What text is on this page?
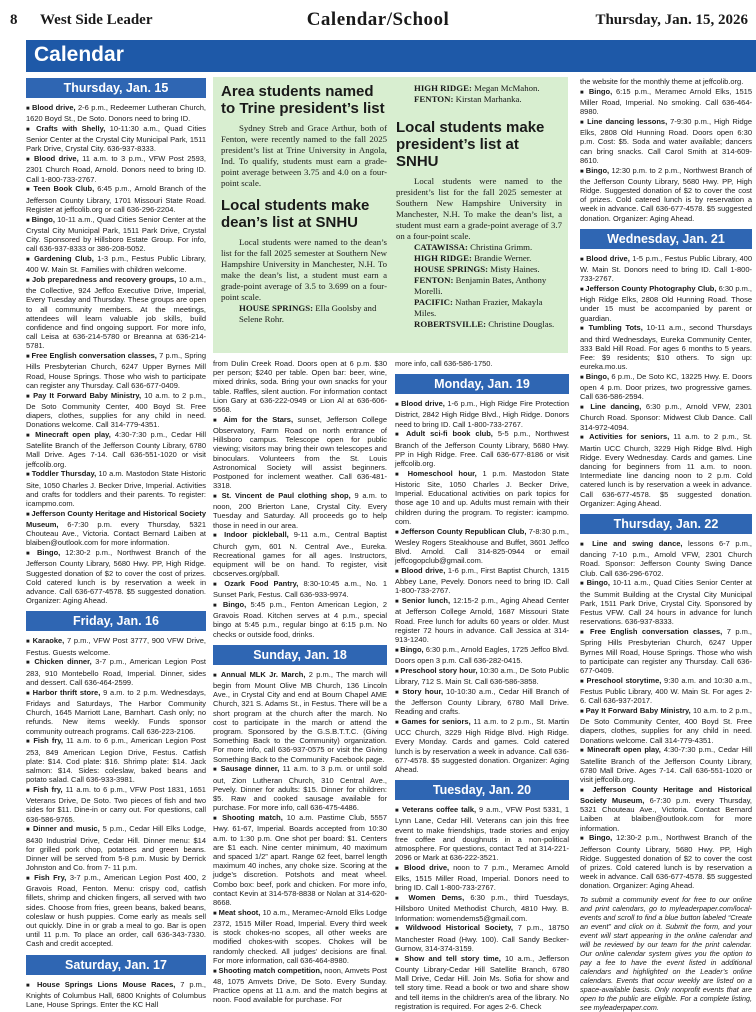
8 West Side Leader	Calendar/School	Thursday, Jan. 15, 2026
Calendar
Thursday, Jan. 15
■ Blood drive, 2-6 p.m., Redeemer Lutheran Church, 1620 Boyd St., De Soto. Donors need to bring ID.
■ Crafts with Shelly, 10-11:30 a.m., Quad Cities Senior Center at the Crystal City Municipal Park, 1511 Park Drive, Crystal City. 636-937-8333.
■ Blood drive, 11 a.m. to 3 p.m., VFW Post 2593, 2301 Church Road, Arnold. Donors need to bring ID. Call 1-800-733-2767.
■ Teen Book Club, 6:45 p.m., Arnold Branch of the Jefferson County Library, 1701 Missouri State Road. Register at jeffcolib.org or call 636-296-2204.
■ Bingo, 10-11 a.m., Quad Cities Senior Center at the Crystal City Municipal Park, 1511 Park Drive, Crystal City. Sponsored by Hillsboro Estate Group. For info, call 636-937-8333 or 386-208-5052.
■ Gardening Club, 1-3 p.m., Festus Public Library, 400 W. Main St. Families with children welcome.
■ Job preparedness and recovery groups, 10 a.m., the Collective, 924 Jeffco Executive Drive, Imperial, Every Tuesday and Thursday. These groups are open to all community members. At the meetings, attendees will learn valuable job skills, build confidence and find ongoing support. For more info, call Leisa at 636-214-5780 or Breanna at 636-214-5781.
■ Free English conversation classes, 7 p.m., Spring Hills Presbyterian Church, 6247 Upper Byrnes Mill Road, House Springs. Those who wish to participate can register any Thursday. Call 636-677-0409.
■ Pay It Forward Baby Ministry, 10 a.m. to 2 p.m., De Soto Community Center, 400 Boyd St. Free diapers, clothes, supplies for any child in need. Donations welcome. Call 314-779-4351.
■ Minecraft open play, 4:30-7:30 p.m., Cedar Hill Satellite Branch of the Jefferson County Library, 6780 Mall Drive. Ages 7-14. Call 636-551-1020 or visit jeffcolib.org.
■ Toddler Thursday, 10 a.m. Mastodon State Historic Site, 1050 Charles J. Becker Drive, Imperial. Activities and crafts for toddlers and their parents. To register: icampmo.com.
■ Jefferson County Heritage and Historical Society Museum, 6-7:30 p.m. every Thursday, 5321 Chouteau Ave., Victoria. Contact Bernard Laiben at blaiben@outlook.com for more information.
■ Bingo, 12:30-2 p.m., Northwest Branch of the Jefferson County Library, 5680 Hwy. PP, High Ridge. Suggested donation of $2 to cover the cost of prizes. Cold catered lunch is by reservation a week in advance. Call 636-677-4578. $5 suggested donation. Organizer: Aging Ahead.
Friday, Jan. 16
■ Karaoke, 7 p.m., VFW Post 3777, 900 VFW Drive, Festus. Guests welcome.
■ Chicken dinner, 3-7 p.m., American Legion Post 283, 910 Montebello Road, Imperial. Dinner, sides and dessert. Call 636-464-2599.
■ Harbor thrift store, 9 a.m. to 2 p.m. Wednesdays, Fridays and Saturdays, The Harbor Community Church, 1645 Marriott Lane, Barnhart. Cash only; no refunds. New items weekly. Funds sponsor community outreach programs. Call 636-223-2106.
■ Fish fry, 11 a.m. to 6 p.m., American Legion Post 253, 849 American Legion Drive, Festus. Catfish plate: $14. Cod plate: $16. Shrimp plate: $14. Jack salmon: $14. Sides: coleslaw, baked beans and potato salad. Call 636-933-3981.
■ Fish fry, 11 a.m. to 6 p.m., VFW Post 1831, 1651 Veterans Drive, De Soto. Two pieces of fish and two sides for $11. Dine-in or carry out. For questions, call 636-586-9765.
■ Dinner and music, 5 p.m., Cedar Hill Elks Lodge, 8430 Industrial Drive, Cedar Hill. Dinner menu: $14 for grilled pork chop, potatoes and green beans. Dinner will be served from 5-8 p.m. Music by Derrick Johnston and Co. from 7- 11 p.m.
■ Fish Fry, 3-7 p.m., American Legion Post 400, 2 Gravois Road, Fenton. Menu: crispy cod, catfish fillets, shrimp and chicken fingers, all served with two sides. Choose from fries, green beans, baked beans, coleslaw or hush puppies. Come early as meals sell out quickly. Dine in or grab a meal to go. Bar is open until 11 p.m. To place an order, call 636-343-7330. Cash and credit accepted.
Saturday, Jan. 17
■ House Springs Lions Mouse Races, 7 p.m., Knights of Columbus Hall, 6800 Knights of Columbus Lane, House Springs. Enter the KC Hall
Area students named to Trine president’s list

Sydney Streb and Grace Arthur, both of Fenton, were recently named to the fall 2025 president’s list at Trine University in Angola, Ind. To qualify, students must earn a grade-point average between 3.75 and 4.0 on a four-point scale.

Local students make dean’s list at SNHU

Local students were named to the dean’s list for the fall 2025 semester at Southern New Hampshire University in Manchester, N.H. To make the dean’s list, a student must earn a grade-point average of 3.5 to 3.699 on a four-point scale.

HOUSE SPRINGS: Ella Goolsby and Selene Rohr.

HIGH RIDGE: Megan McMahon.

FENTON: Kirstan Marhanka.

Local students make president’s list at SNHU

Local students were named to the president’s list for the fall 2025 semester at Southern New Hampshire University in Manchester, N.H. To make the dean’s list, a student must earn a grade-point average of 3.7 on a four-point scale.

CATAWISSA: Christina Grimm.

HIGH RIDGE: Brandie Werner.

HOUSE SPRINGS: Misty Haines.

FENTON: Benjamin Bates, Anthony Morelli.

PACIFIC: Nathan Frazier, Makayla Miles.

ROBERTSVILLE: Christine Douglas.

from Dulin Creek Road. Doors open at 6 p.m. $30 per person; $240 per table. Open bar: beer, wine, mixed drinks, soda. Bring your own snacks for your table. Raffles, silent auction. For information contact Lion Gary at 636-222-0949 or Lion Al at 636-606-5568.
■ Aim for the Stars, sunset, Jefferson College Observatory, Farm Road on north entrance of Hillsboro campus. Telescope open for public viewing; visitors may bring their own telescopes and binoculars. Volunteers from the St. Louis Astronomical Society will assist beginners. Postponed for inclement weather. Call 636-481-3318.
■ St. Vincent de Paul clothing shop, 9 a.m. to noon, 200 Brierton Lane, Crystal City. Every Tuesday and Saturday. All proceeds go to help those in need in our area.
■ Indoor pickleball, 9-11 a.m., Central Baptist Church gym, 601 N. Central Ave., Eureka. Recreational games for all ages. Instructors, equipment will be on hand. To register, visit cbcserves.org/pball.
■ Ozark Food Pantry, 8:30-10:45 a.m., No. 1 Sunset Park, Festus. Call 636-933-9974.
■ Bingo, 5:45 p.m., Fenton American Legion, 2 Gravois Road. Kitchen serves at 4 p.m., special bingo at 5:45 p.m., regular bingo at 6:15 p.m. No checks or outside food, drinks.
Sunday, Jan. 18
■ Annual MLK Jr. March, 2 p.m., The march will begin from Mount Olive MB Church, 136 Lincoln Ave., in Crystal City and end at Bourn Chapel AME Church, 321 S. Adams St., in Festus. There will be a short program at the church after the march. No cost to participate in the march or attend the program. Sponsored by the G.S.B.T.T.C. (Giving Something Back to the Community) organization. For more info, call 636-937-0575 or visit the Giving Something Back to the Community Facebook page.
■ Sausage dinner, 11 a.m. to 3 p.m. or until sold out, Zion Lutheran Church, 310 Central Ave., Pevely. Dinner for adults: $15. Dinner for children: $5. Raw and cooked sausage available for purchase. For more info, call 636-475-4486.
■ Shooting match, 10 a.m. Pastime Club, 5557 Hwy. 61-67, Imperial. Boards accepted from 10:30 a.m. to 1:30 p.m. One shot per board: $1. Centers are $1 each. Nine center minimum, 40 maximum and spaced 1/2” apart. Range 62 feet, barrel length maximum 40 inches, any choke size. Scoring at the judge’s discretion. Potshots and meat wheel. Combo box: beef, pork and chicken. For more info, contact Kevin at 314-578-8838 or Nolan at 314-620-8668.
■ Meat shoot, 10 a.m., Meramec-Arnold Elks Lodge 2372, 1515 Miller Road, Imperial. Every third week is stock chokes-no scopes, all other weeks are modified chokes-with scopes. Chokes will be randomly checked. All judges’ decisions are final. For more information, call 636-464-8980.
■ Shooting match competition, noon, Amvets Post 48, 1075 Amvets Drive, De Soto. Every Sunday. Practice opens at 11 a.m. and the match begins at noon. Food available for purchase. For
more info, call 636-586-1750.
Monday, Jan. 19
■ Blood drive, 1-6 p.m., High Ridge Fire Protection District, 2842 High Ridge Blvd., High Ridge. Donors need to bring ID. Call 1-800-733-2767.
■ Adult sci-fi book club, 5-5 p.m., Northwest Branch of the Jefferson County Library, 5680 Hwy. PP in High Ridge. Free. Call 636-677-8186 or visit jeffcolib.org.
■ Homeschool hour, 1 p.m. Mastodon State Historic Site, 1050 Charles J. Becker Drive, Imperial. Educational activities on park topics for those age 10 and up. Adults must remain with their children during the program. To register: icampmo. com.
■ Jefferson County Republican Club, 7-8:30 p.m., Wesley Rogers Steakhouse and Buffet, 3601 Jeffco Blvd. Arnold. Call 314-825-0944 or email jeffcogopclub@gmail.com.
■ Blood drive, 1-6 p.m., First Baptist Church, 1315 Abbey Lane, Pevely. Donors need to bring ID. Call 1-800-733-2767.
■ Senior lunch, 12:15-2 p.m., Aging Ahead Center at Jefferson College Arnold, 1687 Missouri State Road. Free lunch for adults 60 years or older. Must register 72 hours in advance. Call Jessica at 314-913-1240.
■ Bingo, 6:30 p.m., Arnold Eagles, 1725 Jeffco Blvd. Doors open 3 p.m. Call 636-282-0415.
■ Preschool story hour, 10:30 a.m., De Soto Public Library, 712 S. Main St. Call 636-586-3858.
■ Story hour, 10-10:30 a.m., Cedar Hill Branch of the Jefferson County Library, 6780 Mall Drive. Reading and crafts.
■ Games for seniors, 11 a.m. to 2 p.m., St. Martin UCC Church, 3229 High Ridge Blvd. High Ridge. Every Monday. Cards and games. Cold catered lunch is by reservation a week in advance. Call 636-677-4578. $5 suggested donation. Organizer: Aging Ahead.
Tuesday, Jan. 20
■ Veterans coffee talk, 9 a.m., VFW Post 5331, 1 Lynn Lane, Cedar Hill. Veterans can join this free event to make friendships, trade stories and enjoy free coffee and doughnuts in a non-political atmosphere. For questions, contact Ted at 314-221-2096 or Mark at 636-222-3521.
■ Blood drive, noon to 7 p.m., Meramec Arnold Elks, 1515 Miller Road, Imperial. Donors need to bring ID. Call 1-800-733-2767.
■ Women Dems, 6:30 p.m., third Tuesdays, Hillsboro United Methodist Church, 4810 Hwy. B. Information: womendems5@gmail.com.
■ Wildwood Historical Society, 7 p.m., 18750 Manchester Road (Hwy. 100). Call Sandy Becker-Gurnow, 314-374-3159.
■ Show and tell story time, 10 a.m., Jefferson County Library-Cedar Hill Satellite Branch, 6780 Mall Drive, Cedar Hill. Join Ms. Sofia for show and tell story time. Read a book or two and share show and tell items in the children’s area of the library. No registration is required. For ages 2-6. Check
the website for the monthly theme at jeffcolib.org.
■ Bingo, 6:15 p.m., Meramec Arnold Elks, 1515 Miller Road, Imperial. No smoking. Call 636-464-8980.
■ Line dancing lessons, 7-9:30 p.m., High Ridge Elks, 2808 Old Hunning Road. Doors open 6:30 p.m. Cost: $5. Soda and water available; dancers can bring snacks. Call Carol Smith at 314-609-8610.
■ Bingo, 12:30 p.m. to 2 p.m., Northwest Branch of the Jefferson County Library, 5680 Hwy. PP, High Ridge. Suggested donation of $2 to cover the cost of prizes. Cold catered lunch is by reservation a week in advance. Call 636-677-4578. $5 suggested donation. Organizer: Aging Ahead.
Wednesday, Jan. 21
■ Blood drive, 1-5 p.m., Festus Public Library, 400 W. Main St. Donors need to bring ID. Call 1-800-733-2767.
■ Jefferson County Photography Club, 6:30 p.m., High Ridge Elks, 2808 Old Hunning Road. Those under 15 must be accompanied by parent or guardian.
■ Tumbling Tots, 10-11 a.m., second Thursdays and third Wednesdays, Eureka Community Center, 333 Bald Hill Road. For ages 6 months to 5 years. Fee: $9 residents; $10 others. To sign up: eureka.mo.us.
■ Bingo, 6 p.m., De Soto KC, 13225 Hwy. E. Doors open 4 p.m. Door prizes, two progressive games. Call 636-586-2594.
■ Line dancing, 6:30 p.m., Arnold VFW, 2301 Church Road. Sponsor: Midwest Club Dance. Call 314-972-4094.
■ Activities for seniors, 11 a.m. to 2 p.m., St. Martin UCC Church, 3229 High Ridge Blvd. High Ridge. Every Wednesday. Cards and games. Line dancing for beginners from 11 a.m. to noon. Intermediate line dancing noon to 2 p.m. Cold catered lunch is by reservation a week in advance. Call 636-677-4578. $5 suggested donation. Organizer: Aging Ahead.
Thursday, Jan. 22
■ Line and swing dance, lessons 6-7 p.m., dancing 7-10 p.m., Arnold VFW, 2301 Church Road. Sponsor: Jefferson County Swing Dance Club. Call 636-296-6702.
■ Bingo, 10-11 a.m., Quad Cities Senior Center at the Summit Building at the Crystal City Municipal Park, 1511 Park Drive, Crystal City. Sponsored by Festus VFW. Call 24 hours in advance for lunch reservations. 636-937-8333.
■ Free English conversation classes, 7 p.m., Spring Hills Presbyterian Church, 6247 Upper Byrnes Mill Road, House Springs. Those who wish to participate can register any Thursday. Call 636-677-0409.
■ Preschool storytime, 9:30 a.m. and 10:30 a.m., Festus Public Library, 400 W. Main St. For ages 2-6. Call 636-937-2017.
■ Pay It Forward Baby Ministry, 10 a.m. to 2 p.m., De Soto Community Center, 400 Boyd St. Free diapers, clothes, supplies for any child in need. Donations welcome. Call 314-779-4351.
■ Minecraft open play, 4:30-7:30 p.m., Cedar Hill Satellite Branch of the Jefferson County Library, 6780 Mall Drive. Ages 7-14. Call 636-551-1020 or visit jeffcolib.org.
■ Jefferson County Heritage and Historical Society Museum, 6-7:30 p.m. every Thursday, 5321 Chouteau Ave., Victoria. Contact Bernard Laiben at blaiben@outlook.com for more information.
■ Bingo, 12:30-2 p.m., Northwest Branch of the Jefferson County Library, 5680 Hwy. PP, High Ridge. Suggested donation of $2 to cover the cost of prizes. Cold catered lunch is by reservation a week in advance. Call 636-677-4578. $5 suggested donation. Organizer: Aging Ahead.
To submit a community event for free to our online and print calendars, go to myleaderpaper.com/local-events and scroll to find a blue button labeled “Create an event” and click on it. Submit the form, and your event will start appearing in the online calendar and will be reviewed by our team for the print calendar. Our online calendar system gives you the option to pay a fee to have the event listed in additional calendars and highlighted on the Leader’s online calendars. Events that occur weekly are listed on a space-available basis. Only nonprofit events that are open to the public are eligible. For a complete listing, see myleaderpaper.com.
